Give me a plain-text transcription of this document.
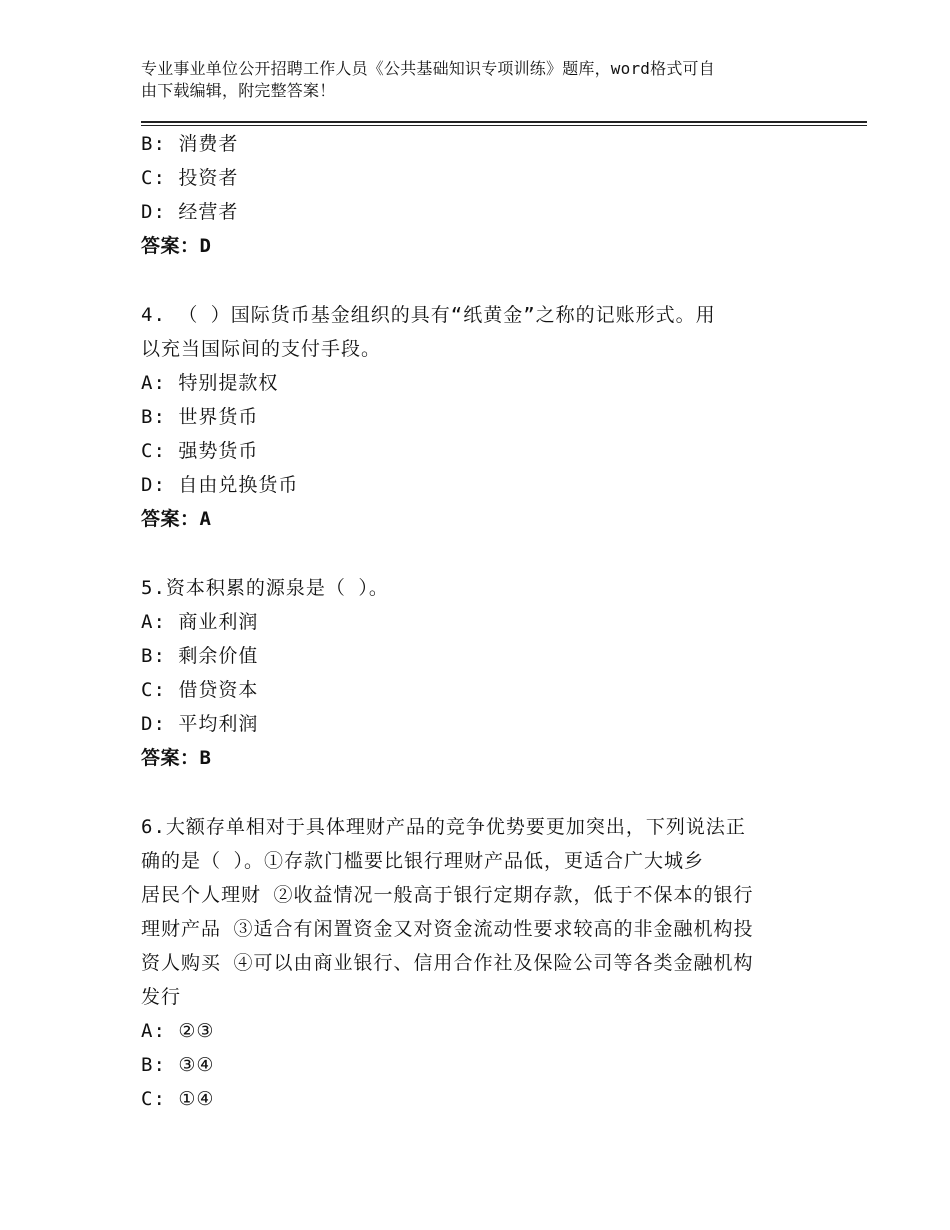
专业事业单位公开招聘工作人员《公共基础知识专项训练》题库，word格式可自
由下载编辑，附完整答案！
B: 消费者
C: 投资者
D: 经营者
答案：D
4. （ ）国际货币基金组织的具有“纸黄金”之称的记账形式。用
以充当国际间的支付手段。
A: 特别提款权
B: 世界货币
C: 强势货币
D: 自由兑换货币
答案：A
5.资本积累的源泉是（ ）。
A: 商业利润
B: 剩余价值
C: 借贷资本
D: 平均利润
答案：B
6.大额存单相对于具体理财产品的竞争优势要更加突出，下列说法正
确的是（ ）。①存款门槛要比银行理财产品低，更适合广大城乡
居民个人理财 ②收益情况一般高于银行定期存款，低于不保本的银行
理财产品 ③适合有闲置资金又对资金流动性要求较高的非金融机构投
资人购买 ④可以由商业银行、信用合作社及保险公司等各类金融机构
发行
A: ②③
B: ③④
C: ①④
